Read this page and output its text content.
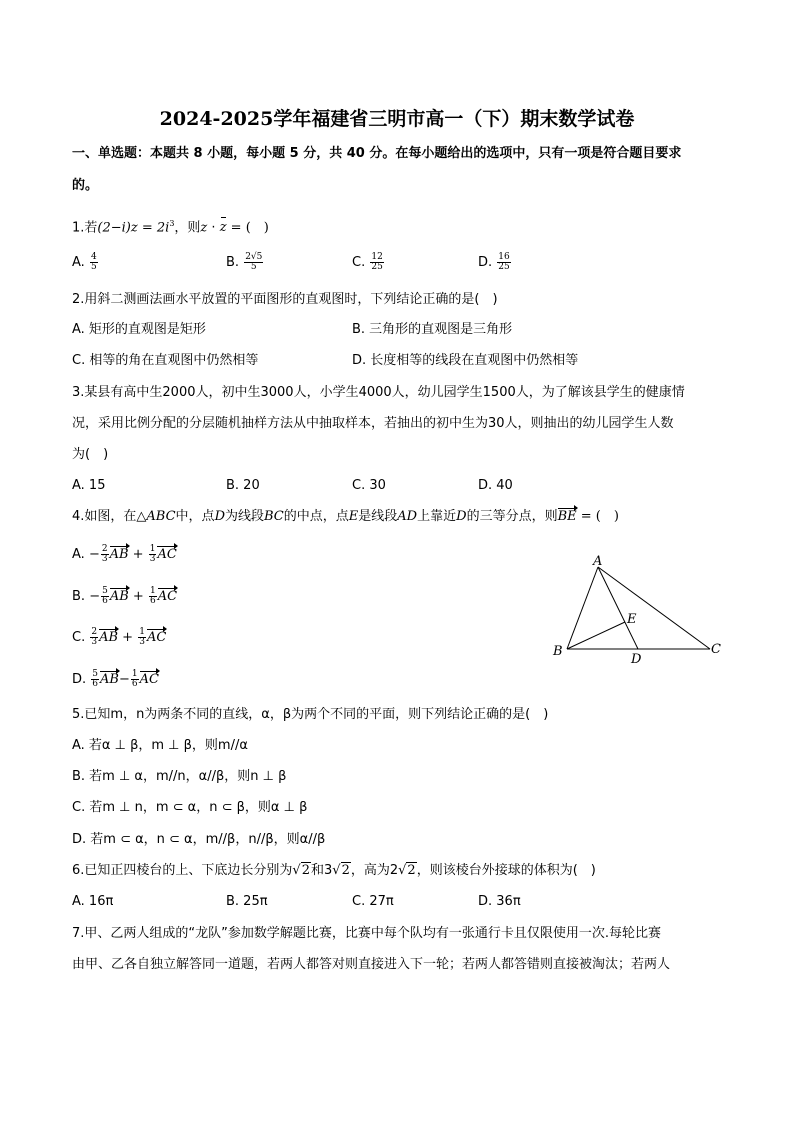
2024-2025学年福建省三明市高一（下）期末数学试卷
一、单选题：本题共 8 小题，每小题 5 分，共 40 分。在每小题给出的选项中，只有一项是符合题目要求
的。
1.若$(2-i)z = 2i^3$，则z · z = (　)
A. $\frac{4}{5}$	B. $\frac{2√5}{5}$	C. $\frac{12}{25}$	D. $\frac{16}{25}$
2.用斜二测画法画水平放置的平面图形的直观图时，下列结论正确的是(　)
A. 矩形的直观图是矩形	B. 三角形的直观图是三角形
C. 相等的角在直观图中仍然相等	D. 长度相等的线段在直观图中仍然相等
3.某县有高中生2000人，初中生3000人，小学生4000人，幼儿园学生1500人，为了解该县学生的健康情
况，采用比例分配的分层随机抽样方法从中抽取样本，若抽出的初中生为30人，则抽出的幼儿园学生人数
为(　)
A. 15	B. 20	C. 30	D. 40
4.如图，在△ABC中，点D为线段BC的中点，点E是线段AD上靠近D的三等分点，则BE = (　)
A. − $\frac{2}{3}$ AB + $\frac{1}{3}$ AC
B. − $\frac{5}{6}$ AB + $\frac{1}{6}$ AC
C. $\frac{2}{3}$ AB + $\frac{1}{3}$ AC
D. $\frac{5}{6} AB- \frac{1}{6}$ AC
A
B	C
D
E
5.已知m，n为两条不同的直线，α，β为两个不同的平面，则下列结论正确的是(　)
A. 若α ⊥ β，m ⊥ β，则m//α
B. 若m ⊥ α，m//n，α//β，则n ⊥ β
C. 若m ⊥ n，m ⊂ α，n ⊂ β，则α ⊥ β
D. 若m ⊂ α，n ⊂ α，m//β，n//β，则α//β
6.已知正四棱台的上、下底边长分别为√2和3√2，高为2√2，则该棱台外接球的体积为(　)
A. 16π	B. 25π	C. 27π	D. 36π
7.甲、乙两人组成的“龙队”参加数学解题比赛，比赛中每个队均有一张通行卡且仅限使用一次.每轮比赛
由甲、乙各自独立解答同一道题，若两人都答对则直接进入下一轮；若两人都答错则直接被淘汰；若两人
